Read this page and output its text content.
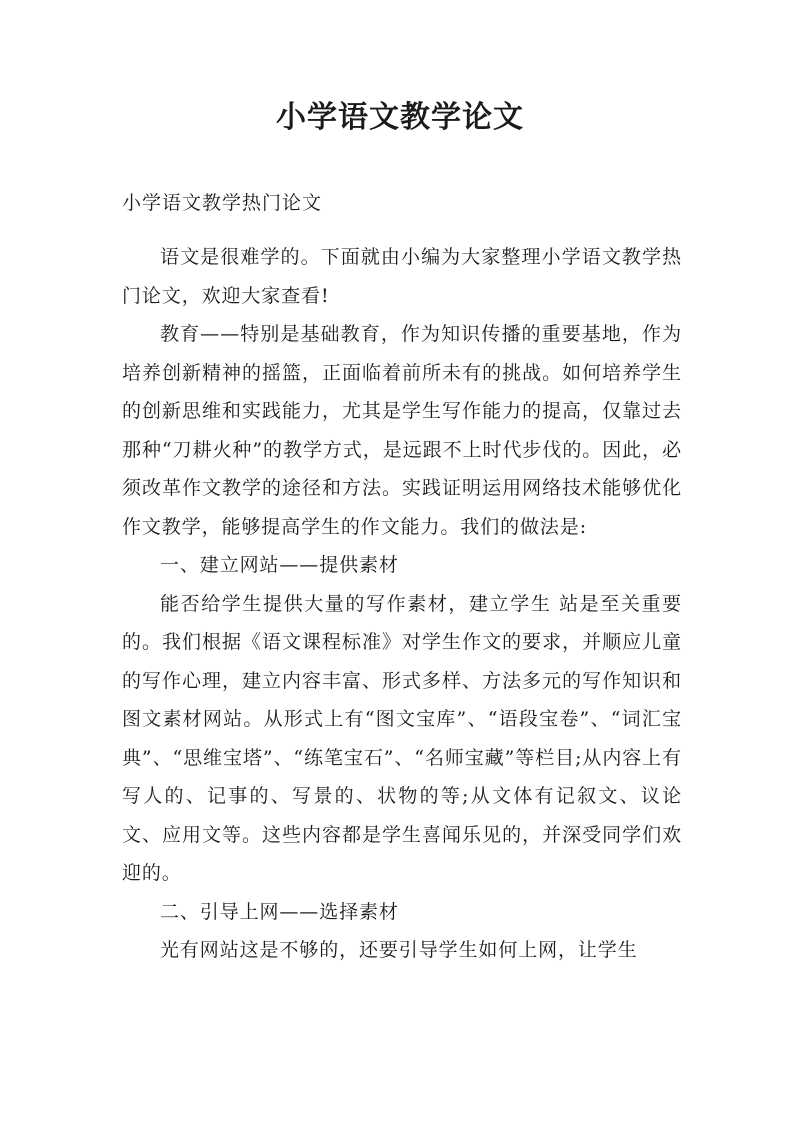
小学语文教学论文
小学语文教学热门论文

语文是很难学的。下面就由小编为大家整理小学语文教学热门论文，欢迎大家查看!

教育——特别是基础教育，作为知识传播的重要基地，作为培养创新精神的摇篮，正面临着前所未有的挑战。如何培养学生的创新思维和实践能力，尤其是学生写作能力的提高，仅靠过去那种“刀耕火种”的教学方式，是远跟不上时代步伐的。因此，必须改革作文教学的途径和方法。实践证明运用网络技术能够优化作文教学，能够提高学生的作文能力。我们的做法是:

一、建立网站——提供素材

能否给学生提供大量的写作素材，建立学生 站是至关重要的。我们根据《语文课程标准》对学生作文的要求，并顺应儿童的写作心理，建立内容丰富、形式多样、方法多元的写作知识和图文素材网站。从形式上有“图文宝库”、“语段宝卷”、“词汇宝典”、“思维宝塔”、“练笔宝石”、“名师宝藏”等栏目;从内容上有写人的、记事的、写景的、状物的等;从文体有记叙文、议论文、应用文等。这些内容都是学生喜闻乐见的，并深受同学们欢迎的。

二、引导上网——选择素材

光有网站这是不够的，还要引导学生如何上网，让学生
